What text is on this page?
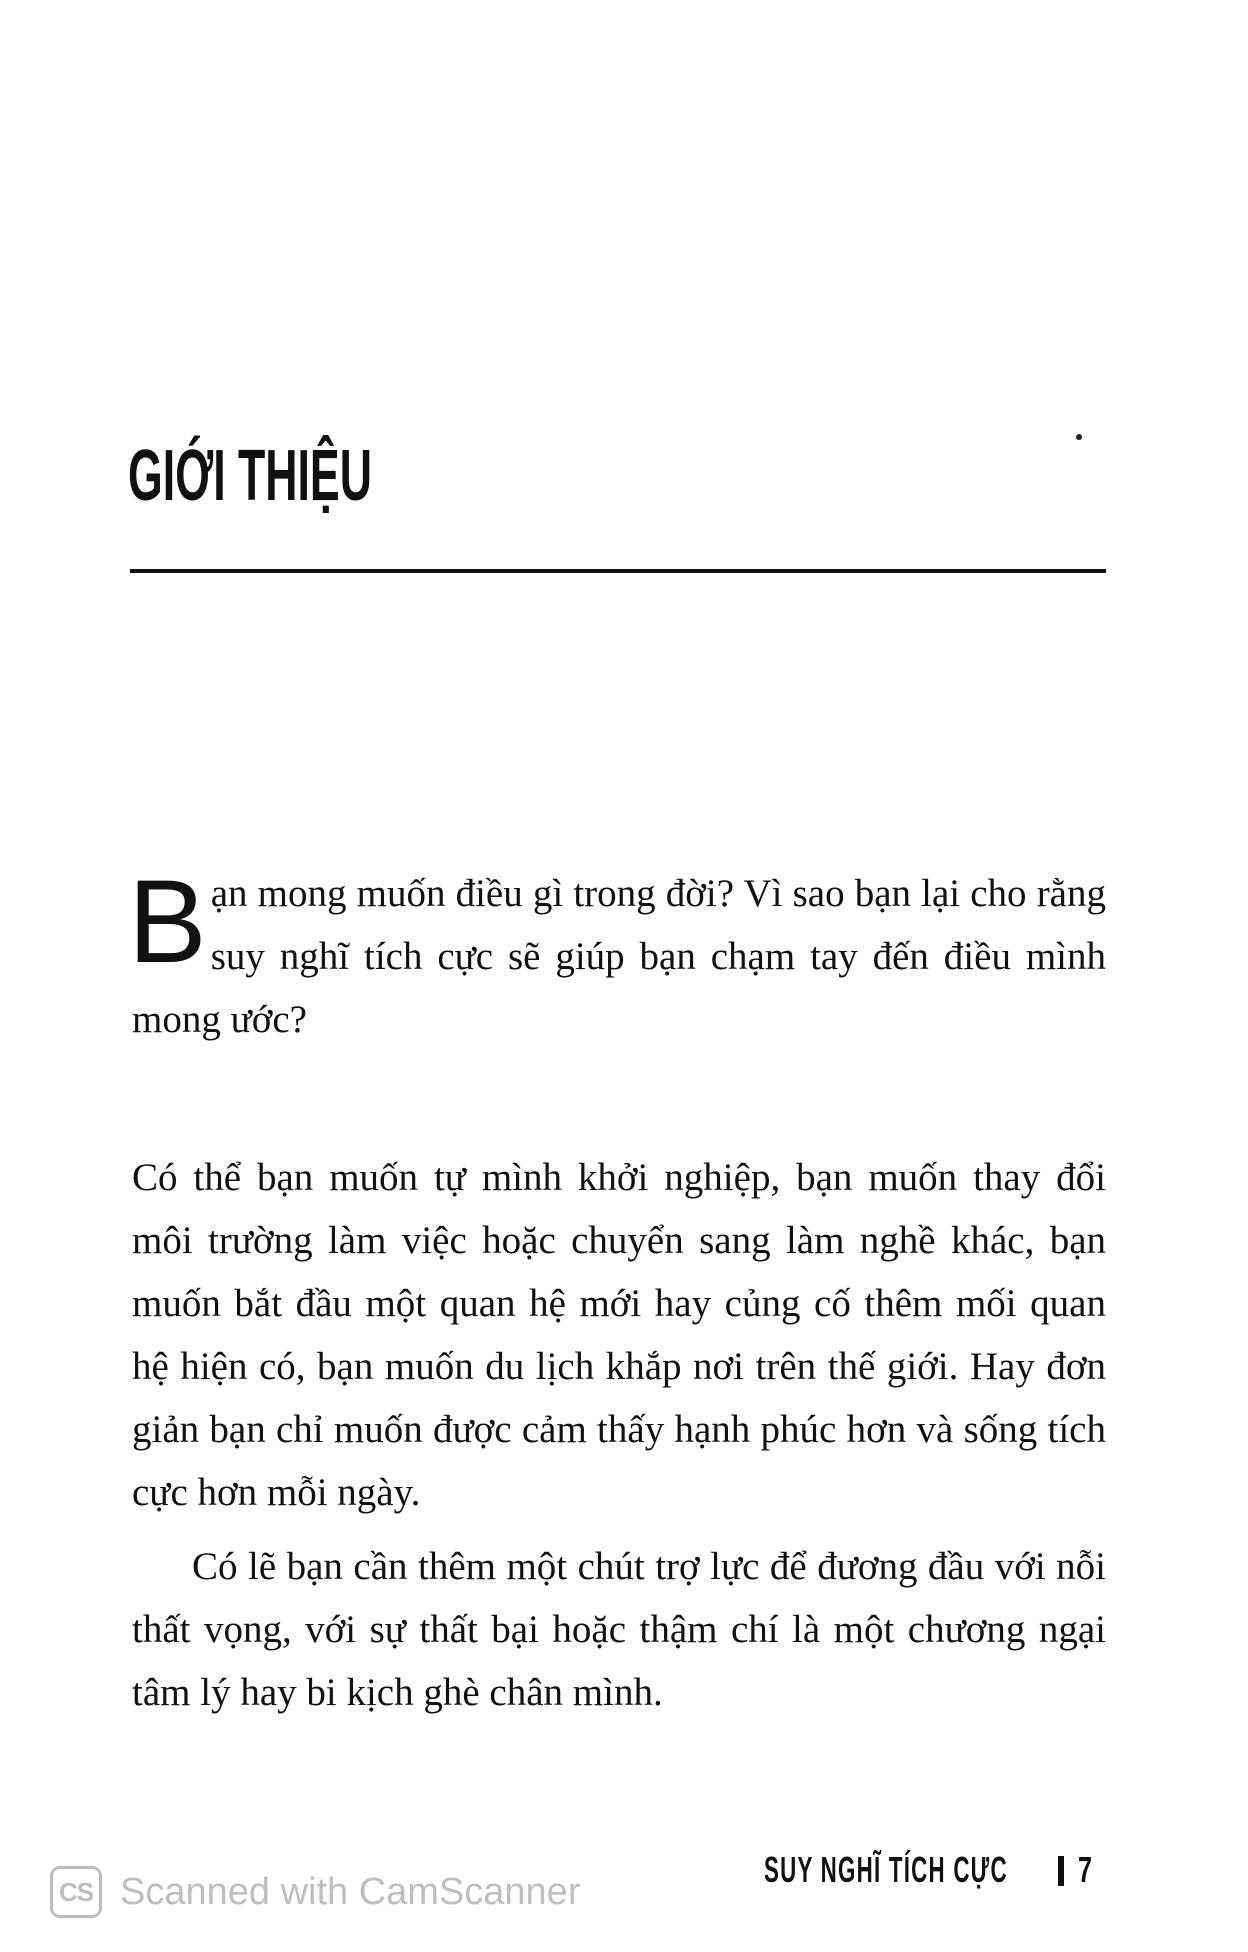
GIỚI THIỆU

Bạn mong muốn điều gì trong đời? Vì sao bạn lại cho rằng suy nghĩ tích cực sẽ giúp bạn chạm tay đến điều mình mong ước?

Có thể bạn muốn tự mình khởi nghiệp, bạn muốn thay đổi môi trường làm việc hoặc chuyển sang làm nghề khác, bạn muốn bắt đầu một quan hệ mới hay củng cố thêm mối quan hệ hiện có, bạn muốn du lịch khắp nơi trên thế giới. Hay đơn giản bạn chỉ muốn được cảm thấy hạnh phúc hơn và sống tích cực hơn mỗi ngày.

Có lẽ bạn cần thêm một chút trợ lực để đương đầu với nỗi thất vọng, với sự thất bại hoặc thậm chí là một chương ngại tâm lý hay bi kịch ghè chân mình.

SUY NGHĨ TÍCH CỰC 7
CS Scanned with CamScanner
